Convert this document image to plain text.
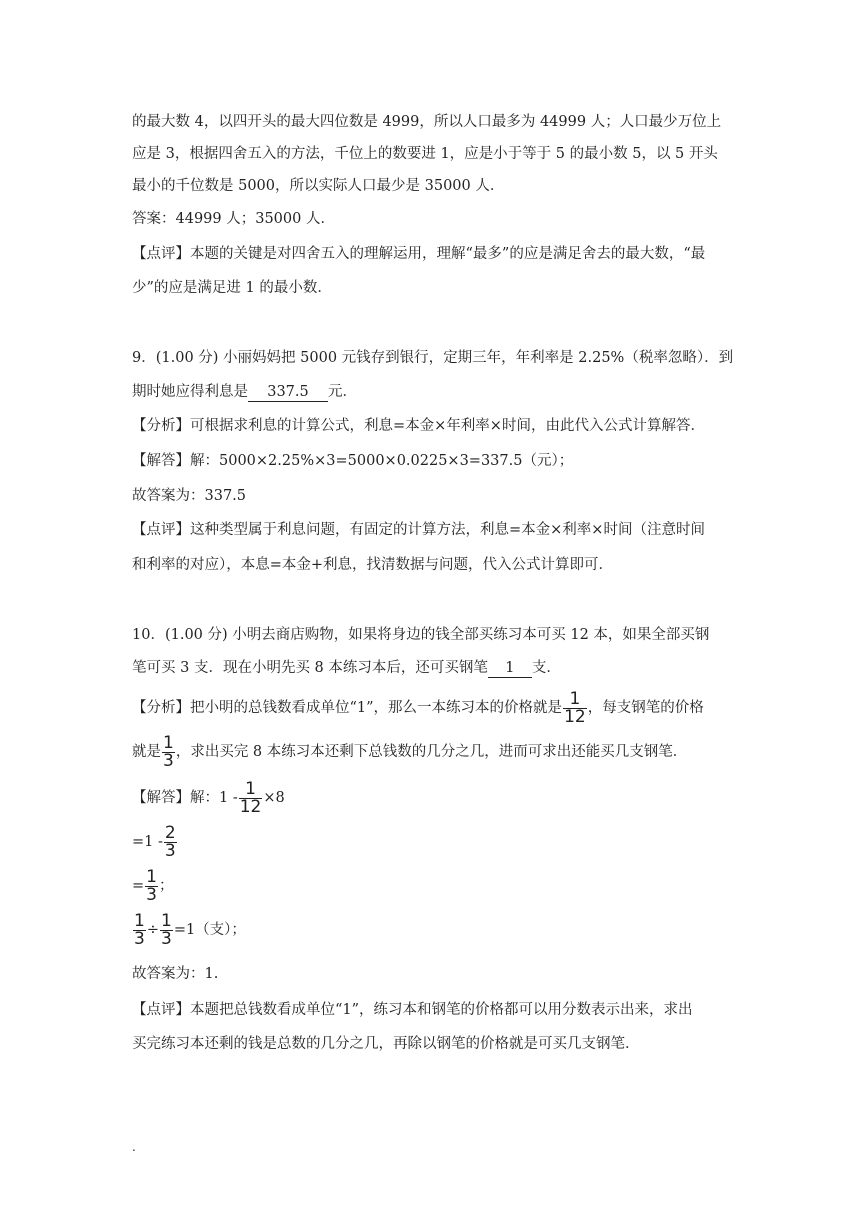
的最大数 4，以四开头的最大四位数是 4999，所以人口最多为 44999 人；人口最少万位上
应是 3，根据四舍五入的方法，千位上的数要进 1，应是小于等于 5 的最小数 5，以 5 开头
最小的千位数是 5000，所以实际人口最少是 35000 人．
答案：44999 人；35000 人．
【点评】本题的关键是对四舍五入的理解运用，理解“最多”的应是满足舍去的最大数，“最
少”的应是满足进 1 的最小数．
9．(1.00 分) 小丽妈妈把 5000 元钱存到银行，定期三年，年利率是 2.25%（税率忽略）．到
期时她应得利息是 337.5 元．
【分析】可根据求利息的计算公式，利息=本金×年利率×时间，由此代入公式计算解答．
【解答】解：5000×2.25%×3=5000×0.0225×3=337.5（元）；
故答案为：337.5
【点评】这种类型属于利息问题，有固定的计算方法，利息=本金×利率×时间（注意时间
和利率的对应），本息=本金+利息，找清数据与问题，代入公式计算即可．
10．(1.00 分) 小明去商店购物，如果将身边的钱全部买练习本可买 12 本，如果全部买钢
笔可买 3 支．现在小明先买 8 本练习本后，还可买钢笔 1 支．
【分析】把小明的总钱数看成单位“1”，那么一本练习本的价格就是 $\frac{1}{12}$ ，每支钢笔的价格
就是 $\frac{1}{3}$ ，求出买完 8 本练习本还剩下总钱数的几分之几，进而可求出还能买几支钢笔．
【解答】解：$1 - \frac{1}{12} \times 8$
$=1 - \frac{2}{3}$
= $\frac{1}{3}$ ；
$\frac{1}{3} \div \frac{1}{3} =1$（支）；
故答案为：1.
【点评】本题把总钱数看成单位“1”，练习本和钢笔的价格都可以用分数表示出来，求出
买完练习本还剩的钱是总数的几分之几，再除以钢笔的价格就是可买几支钢笔．
.
